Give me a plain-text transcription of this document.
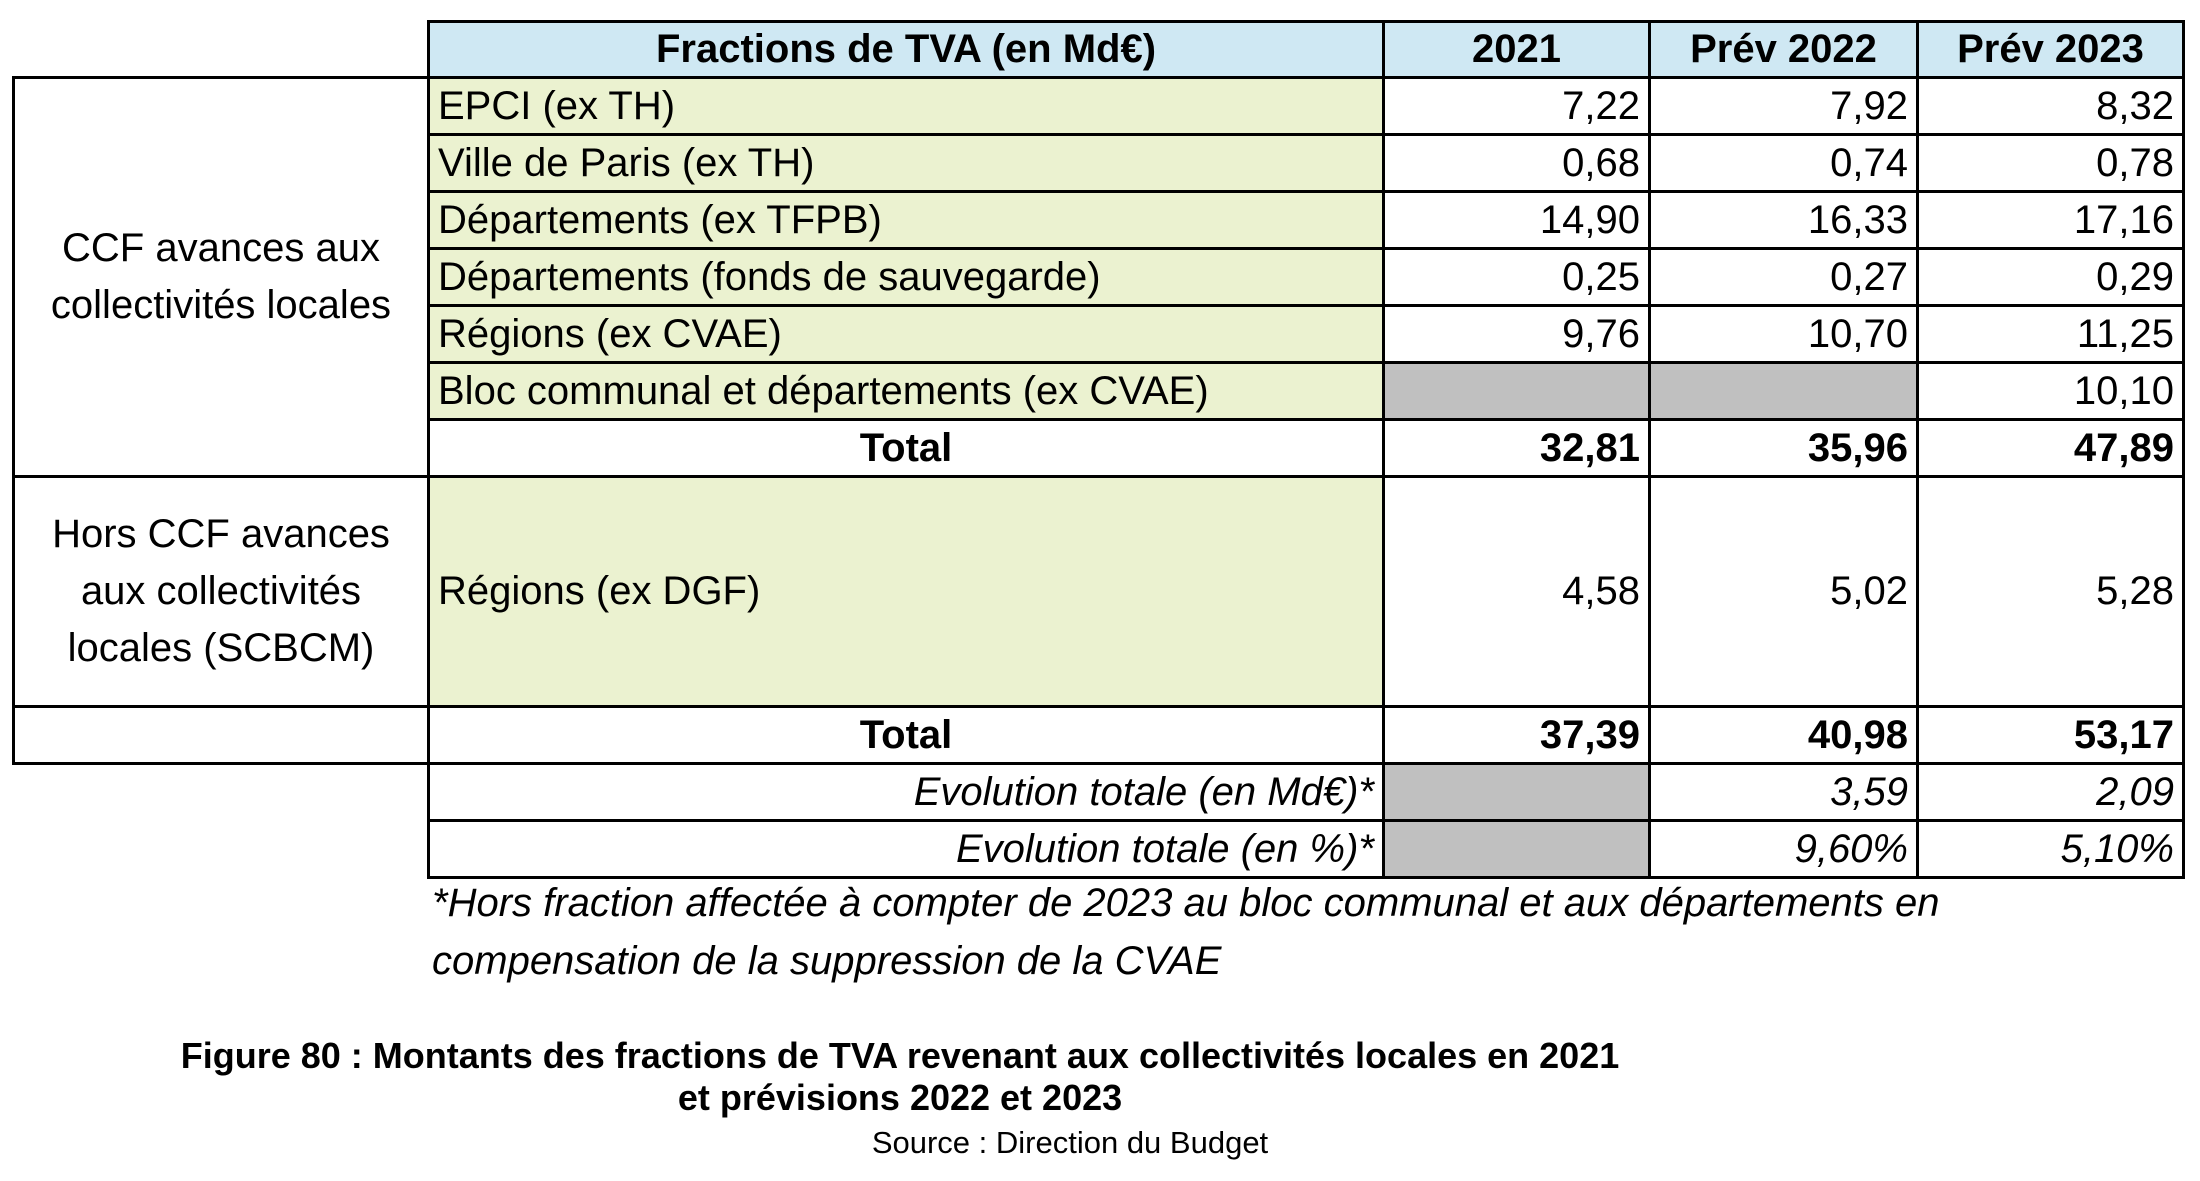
	Fractions de TVA (en Md€)	2021	Prév 2022	Prév 2023
CCF avances aux collectivités locales	EPCI (ex TH)	7,22	7,92	8,32
	Ville de Paris (ex TH)	0,68	0,74	0,78
	Départements (ex TFPB)	14,90	16,33	17,16
	Départements (fonds de sauvegarde)	0,25	0,27	0,29
	Régions (ex CVAE)	9,76	10,70	11,25
	Bloc communal et départements (ex CVAE)			10,10
	Total	32,81	35,96	47,89
Hors CCF avances aux collectivités locales (SCBCM)	Régions (ex DGF)	4,58	5,02	5,28
	Total	37,39	40,98	53,17
	Evolution totale (en Md€)*		3,59	2,09
	Evolution totale (en %)*		9,60%	5,10%
*Hors fraction affectée à compter de 2023 au bloc communal et aux départements en compensation de la suppression de la CVAE
Figure 80 : Montants des fractions de TVA revenant aux collectivités locales en 2021
et prévisions 2022 et 2023
Source : Direction du Budget
